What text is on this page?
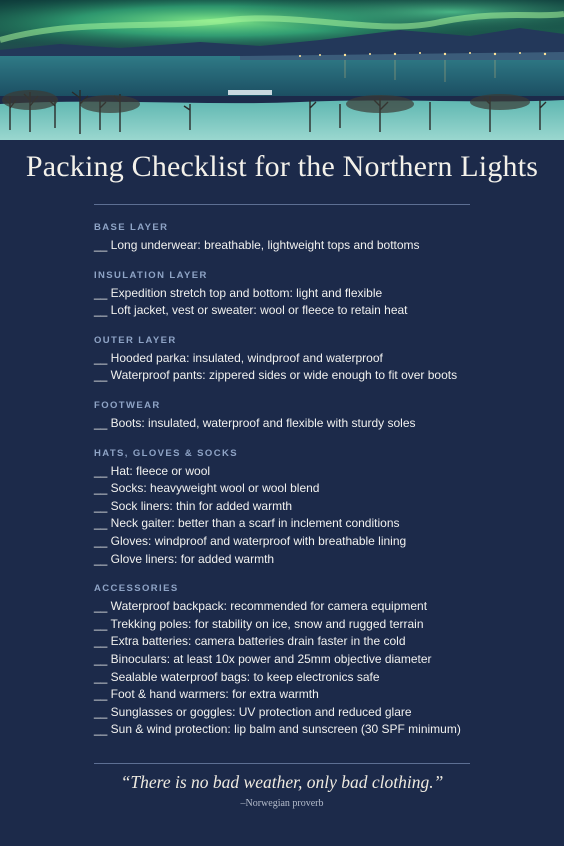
Packing Checklist for the Northern Lights
BASE LAYER
__ Long underwear: breathable, lightweight tops and bottoms
INSULATION LAYER
__ Expedition stretch top and bottom: light and flexible
__ Loft jacket, vest or sweater: wool or fleece to retain heat
OUTER LAYER
__ Hooded parka: insulated, windproof and waterproof
__ Waterproof pants: zippered sides or wide enough to fit over boots
FOOTWEAR
__ Boots: insulated, waterproof and flexible with sturdy soles
HATS, GLOVES & SOCKS
__ Hat: fleece or wool
__ Socks: heavyweight wool or wool blend
__ Sock liners: thin for added warmth
__ Neck gaiter: better than a scarf in inclement conditions
__ Gloves: windproof and waterproof with breathable lining
__ Glove liners: for added warmth
ACCESSORIES
__ Waterproof backpack: recommended for camera equipment
__ Trekking poles: for stability on ice, snow and rugged terrain
__ Extra batteries: camera batteries drain faster in the cold
__ Binoculars: at least 10x power and 25mm objective diameter
__ Sealable waterproof bags: to keep electronics safe
__ Foot & hand warmers: for extra warmth
__ Sunglasses or goggles: UV protection and reduced glare
__ Sun & wind protection: lip balm and sunscreen (30 SPF minimum)
“There is no bad weather, only bad clothing.”
–Norwegian proverb
